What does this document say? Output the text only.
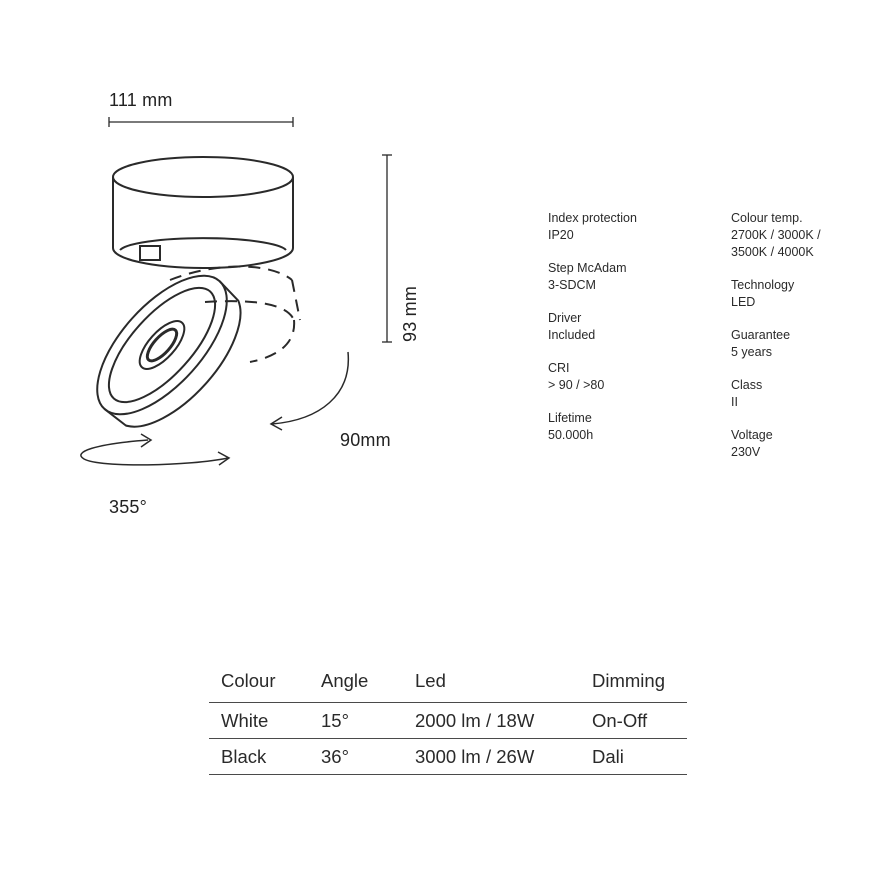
111 mm
93 mm
90mm
355°
Index protection
IP20
Step McAdam
3-SDCM
Driver
Included
CRI
> 90 / >80
Lifetime
50.000h
Colour temp.
2700K / 3000K /
3500K / 4000K
Technology
LED
Guarantee
5 years
Class
II
Voltage
230V
Colour	Angle	Led	Dimming
White	15°	2000 lm / 18W	On-Off
Black	36°	3000 lm / 26W	Dali
